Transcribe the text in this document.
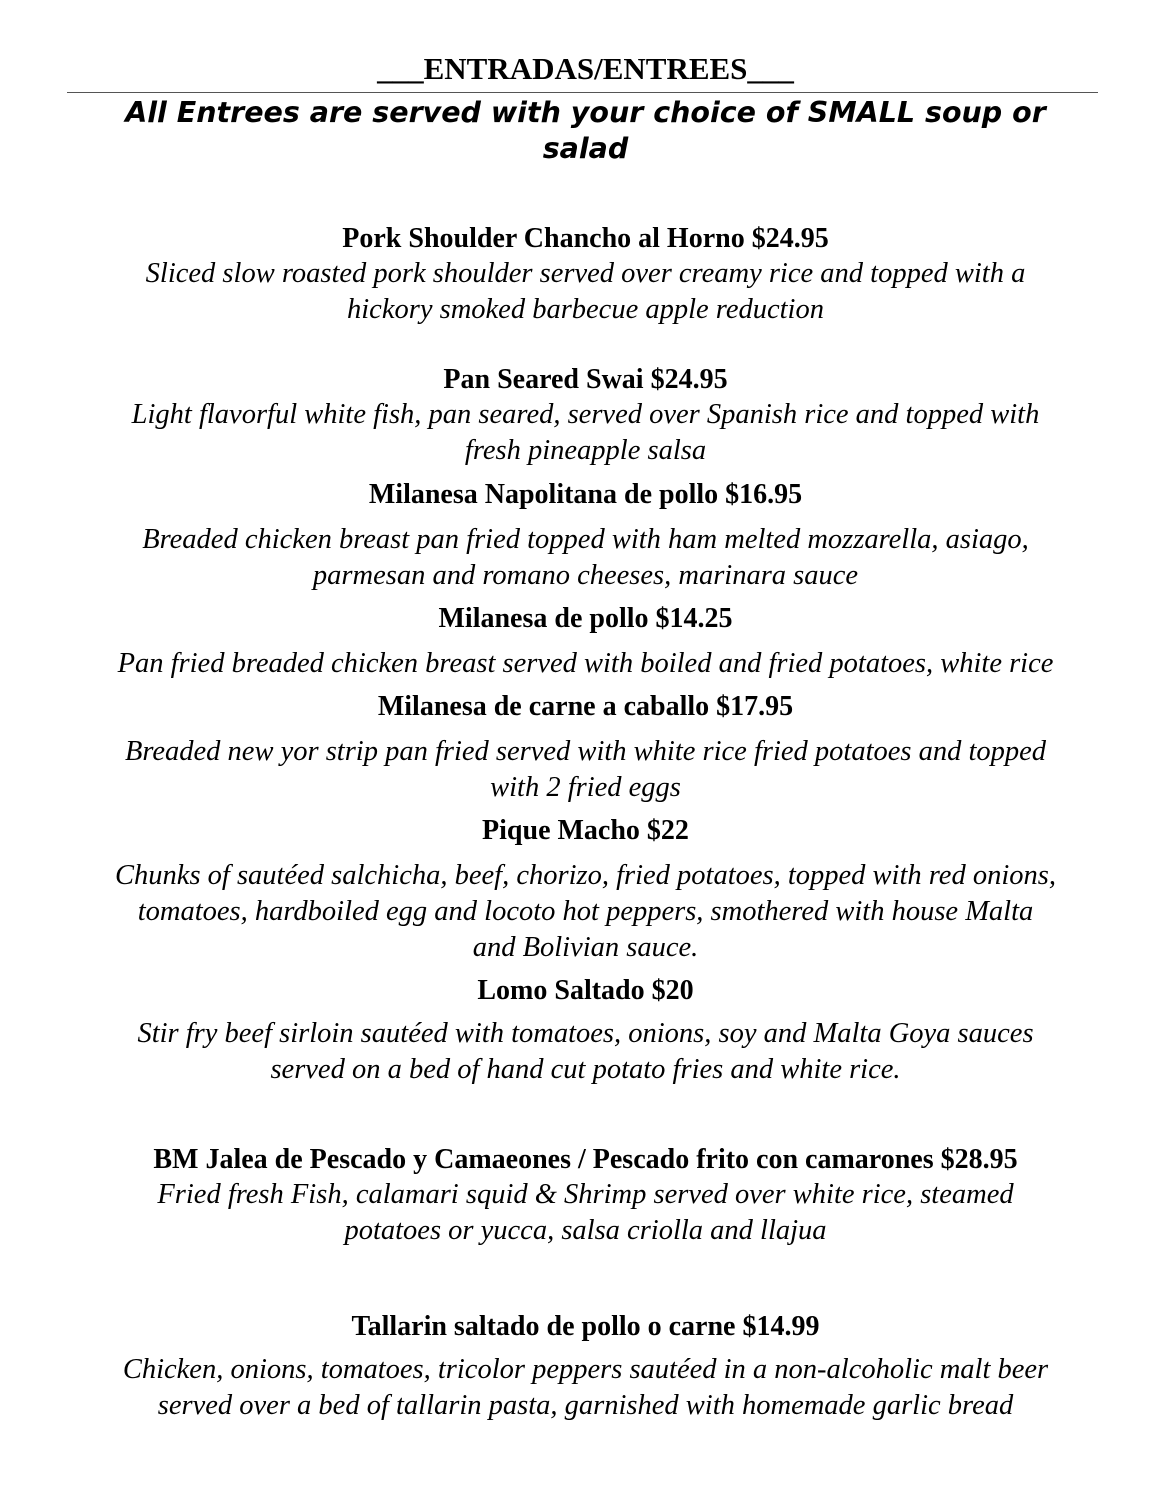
___ENTRADAS/ENTREES___
All Entrees are served with your choice of SMALL soup or salad
Pork Shoulder Chancho al Horno $24.95
Sliced slow roasted pork shoulder served over creamy rice and topped with a
hickory smoked barbecue apple reduction
Pan Seared Swai $24.95
Light flavorful white fish, pan seared, served over Spanish rice and topped with
fresh pineapple salsa
Milanesa Napolitana de pollo $16.95
Breaded chicken breast pan fried topped with ham melted mozzarella, asiago,
parmesan and romano cheeses, marinara sauce
Milanesa de pollo $14.25
Pan fried breaded chicken breast served with boiled and fried potatoes, white rice
Milanesa de carne a caballo $17.95
Breaded new yor strip pan fried served with white rice fried potatoes and topped
with 2 fried eggs
Pique Macho $22
Chunks of sautéed salchicha, beef, chorizo, fried potatoes, topped with red onions,
tomatoes, hardboiled egg and locoto hot peppers, smothered with house Malta
and Bolivian sauce.
Lomo Saltado $20
Stir fry beef sirloin sautéed with tomatoes, onions, soy and Malta Goya sauces
served on a bed of hand cut potato fries and white rice.
BM Jalea de Pescado y Camaeones / Pescado frito con camarones $28.95
Fried fresh Fish, calamari squid & Shrimp served over white rice, steamed
potatoes or yucca, salsa criolla and llajua
Tallarin saltado de pollo o carne $14.99
Chicken, onions, tomatoes, tricolor peppers sautéed in a non-alcoholic malt beer
served over a bed of tallarin pasta, garnished with homemade garlic bread
